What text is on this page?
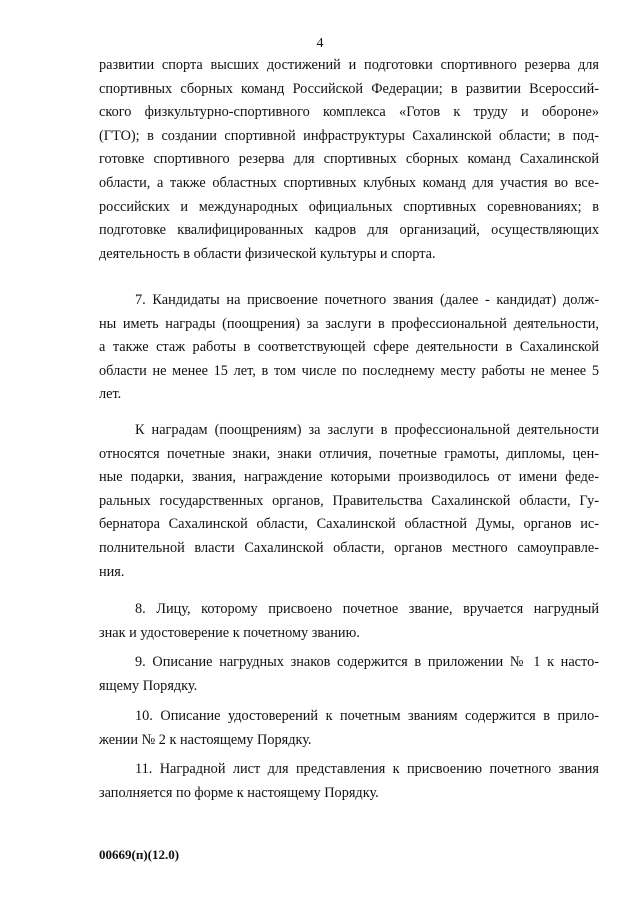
4
развитии спорта высших достижений и подготовки спортивного резерва для
спортивных сборных команд Российской Федерации; в развитии Всероссий-
ского физкультурно-спортивного комплекса «Готов к труду и обороне»
(ГТО); в создании спортивной инфраструктуры Сахалинской области; в под-
готовке спортивного резерва для спортивных сборных команд Сахалинской
области, а также областных спортивных клубных команд для участия во все-
российских и международных официальных спортивных соревнованиях; в
подготовке квалифицированных кадров для организаций, осуществляющих
деятельность в области физической культуры и спорта.
7. Кандидаты на присвоение почетного звания (далее - кандидат) долж-
ны иметь награды (поощрения) за заслуги в профессиональной деятельности,
а также стаж работы в соответствующей сфере деятельности в Сахалинской
области не менее 15 лет, в том числе по последнему месту работы не менее 5
лет.
К наградам (поощрениям) за заслуги в профессиональной деятельности
относятся почетные знаки, знаки отличия, почетные грамоты, дипломы, цен-
ные подарки, звания, награждение которыми производилось от имени феде-
ральных государственных органов, Правительства Сахалинской области, Гу-
бернатора Сахалинской области, Сахалинской областной Думы, органов ис-
полнительной власти Сахалинской области, органов местного самоуправле-
ния.
8. Лицу, которому присвоено почетное звание, вручается нагрудный
знак и удостоверение к почетному званию.
9. Описание нагрудных знаков содержится в приложении № 1 к насто-
ящему Порядку.
10. Описание удостоверений к почетным званиям содержится в прило-
жении № 2 к настоящему Порядку.
11. Наградной лист для представления к присвоению почетного звания
заполняется по форме к настоящему Порядку.
00669(п)(12.0)
